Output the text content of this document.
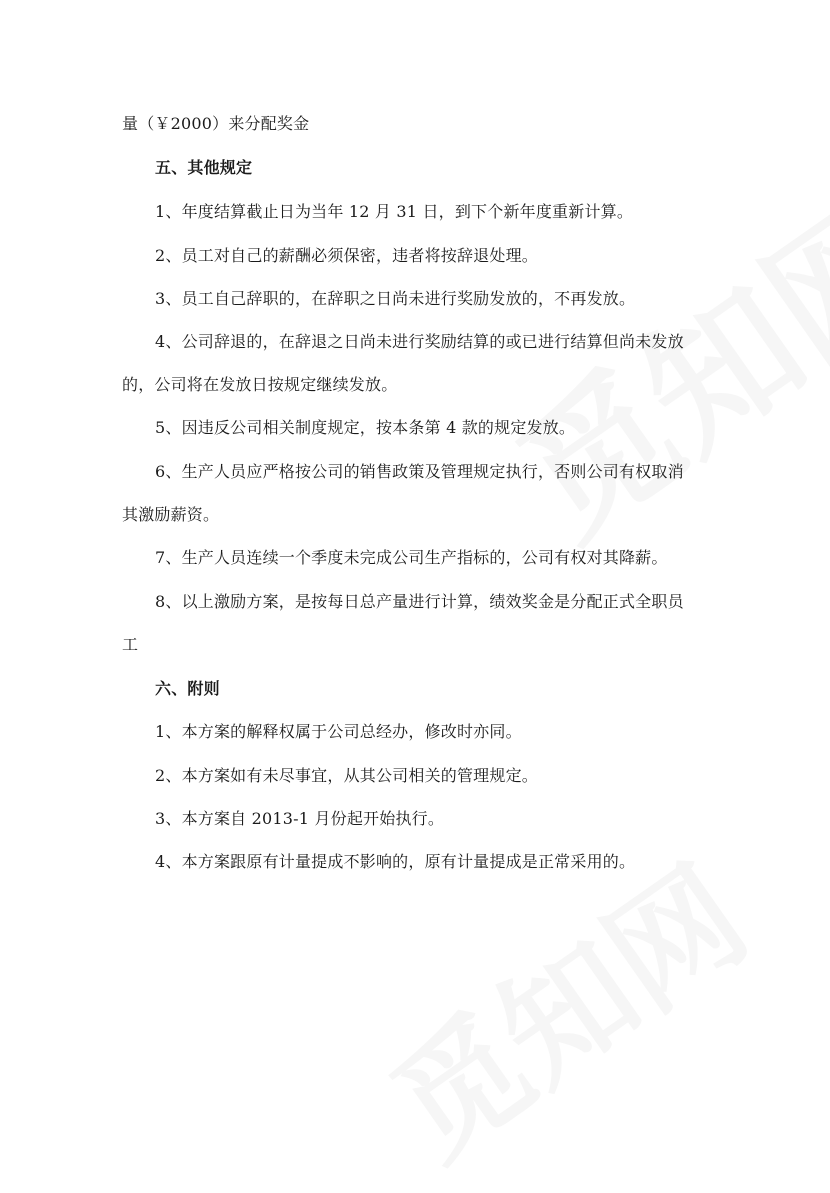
量（￥2000）来分配奖金
五、其他规定
1、年度结算截止日为当年 12 月 31 日，到下个新年度重新计算。
2、员工对自己的薪酬必须保密，违者将按辞退处理。
3、员工自己辞职的，在辞职之日尚未进行奖励发放的，不再发放。
4、公司辞退的，在辞退之日尚未进行奖励结算的或已进行结算但尚未发放
的，公司将在发放日按规定继续发放。
5、因违反公司相关制度规定，按本条第 4 款的规定发放。
6、生产人员应严格按公司的销售政策及管理规定执行，否则公司有权取消
其激励薪资。
7、生产人员连续一个季度未完成公司生产指标的，公司有权对其降薪。
8、以上激励方案，是按每日总产量进行计算，绩效奖金是分配正式全职员
工
六、附则
1、本方案的解释权属于公司总经办，修改时亦同。
2、本方案如有未尽事宜，从其公司相关的管理规定。
3、本方案自 2013-1 月份起开始执行。
4、本方案跟原有计量提成不影响的，原有计量提成是正常采用的。
